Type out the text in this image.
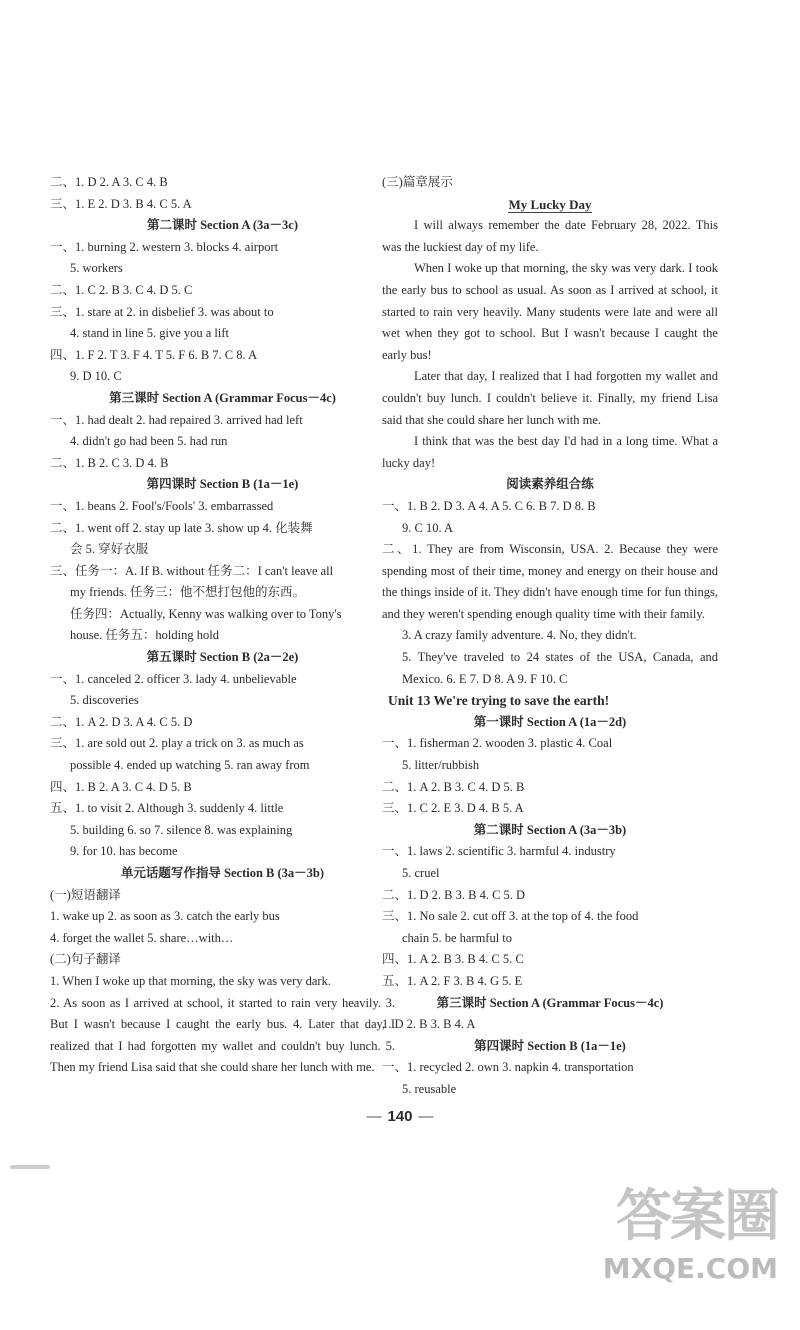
二、1. D 2. A 3. C 4. B
三、1. E 2. D 3. B 4. C 5. A
第二课时 Section A (3a－3c)
一、1. burning 2. western 3. blocks 4. airport
5. workers
二、1. C 2. B 3. C 4. D 5. C
三、1. stare at 2. in disbelief 3. was about to
4. stand in line 5. give you a lift
四、1. F 2. T 3. F 4. T 5. F 6. B 7. C 8. A
9. D 10. C
第三课时 Section A (Grammar Focus－4c)
一、1. had dealt 2. had repaired 3. arrived had left
4. didn't go had been 5. had run
二、1. B 2. C 3. D 4. B
第四课时 Section B (1a－1e)
一、1. beans 2. Fool's/Fools' 3. embarrassed
二、1. went off 2. stay up late 3. show up 4. 化装舞
会 5. 穿好衣服
三、任务一：A. If B. without 任务二：I can't leave all
my friends. 任务三：他不想打包他的东西。
任务四：Actually, Kenny was walking over to Tony's
house. 任务五：holding hold
第五课时 Section B (2a－2e)
一、1. canceled 2. officer 3. lady 4. unbelievable
5. discoveries
二、1. A 2. D 3. A 4. C 5. D
三、1. are sold out 2. play a trick on 3. as much as
possible 4. ended up watching 5. ran away from
四、1. B 2. A 3. C 4. D 5. B
五、1. to visit 2. Although 3. suddenly 4. little
5. building 6. so 7. silence 8. was explaining
9. for 10. has become
单元话题写作指导 Section B (3a－3b)
(一)短语翻译
1. wake up 2. as soon as 3. catch the early bus
4. forget the wallet 5. share…with…
(二)句子翻译
1. When I woke up that morning, the sky was very dark.
2. As soon as I arrived at school, it started to rain very heavily. 3. But I wasn't because I caught the early bus. 4. Later that day, I realized that I had forgotten my wallet and couldn't buy lunch. 5. Then my friend Lisa said that she could share her lunch with me.
(三)篇章展示
My Lucky Day
I will always remember the date February 28, 2022. This was the luckiest day of my life.
When I woke up that morning, the sky was very dark. I took the early bus to school as usual. As soon as I arrived at school, it started to rain very heavily. Many students were late and were all wet when they got to school. But I wasn't because I caught the early bus!
Later that day, I realized that I had forgotten my wallet and couldn't buy lunch. I couldn't believe it. Finally, my friend Lisa said that she could share her lunch with me.
I think that was the best day I'd had in a long time. What a lucky day!
阅读素养组合练
一、1. B 2. D 3. A 4. A 5. C 6. B 7. D 8. B
9. C 10. A
二、1. They are from Wisconsin, USA. 2. Because they were spending most of their time, money and energy on their house and the things inside of it. They didn't have enough time for fun things, and they weren't spending enough quality time with their family.
3. A crazy family adventure. 4. No, they didn't.
5. They've traveled to 24 states of the USA, Canada, and Mexico. 6. E 7. D 8. A 9. F 10. C
Unit 13 We're trying to save the earth!
第一课时 Section A (1a－2d)
一、1. fisherman 2. wooden 3. plastic 4. Coal
5. litter/rubbish
二、1. A 2. B 3. C 4. D 5. B
三、1. C 2. E 3. D 4. B 5. A
第二课时 Section A (3a－3b)
一、1. laws 2. scientific 3. harmful 4. industry
5. cruel
二、1. D 2. B 3. B 4. C 5. D
三、1. No sale 2. cut off 3. at the top of 4. the food
chain 5. be harmful to
四、1. A 2. B 3. B 4. C 5. C
五、1. A 2. F 3. B 4. G 5. E
第三课时 Section A (Grammar Focus－4c)
1. D 2. B 3. B 4. A
第四课时 Section B (1a－1e)
一、1. recycled 2. own 3. napkin 4. transportation
5. reusable
— 140 —
答案圈
MXQE.COM
